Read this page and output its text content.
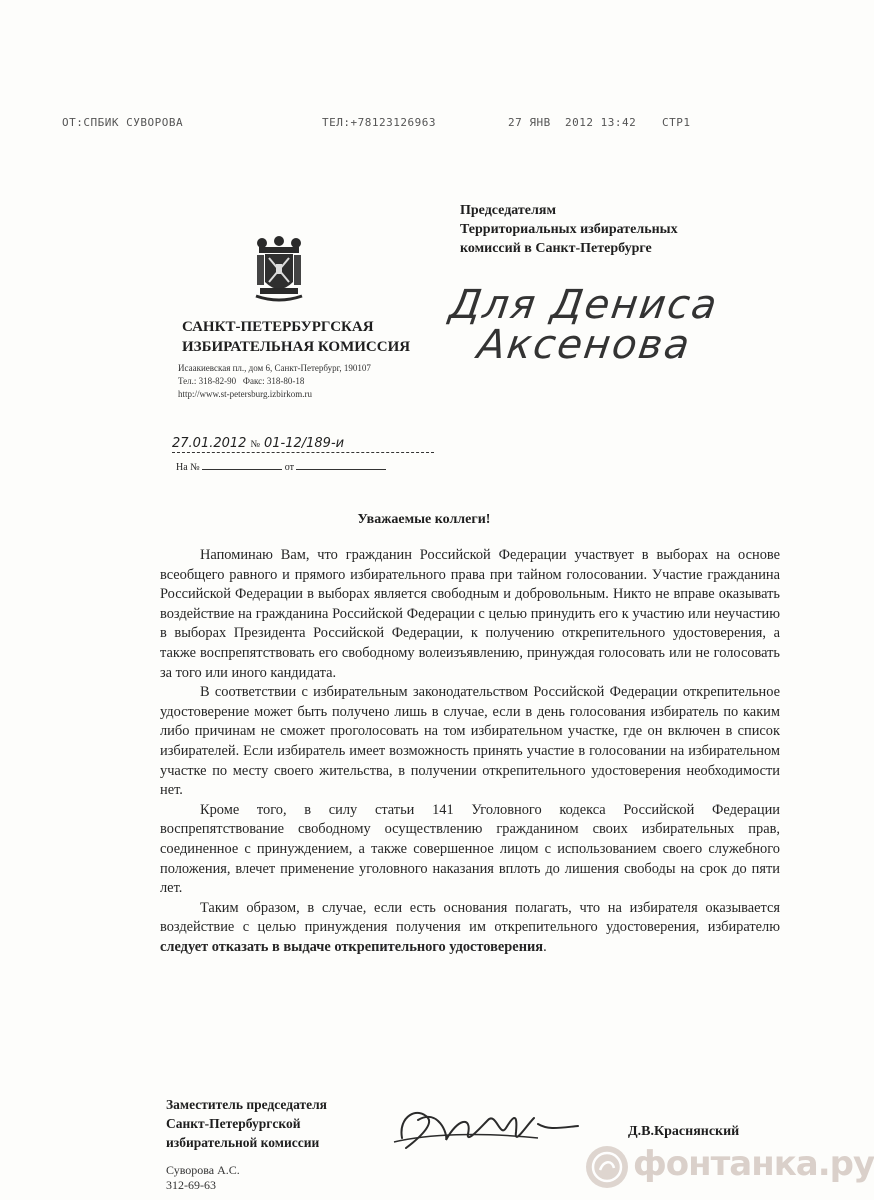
ОТ:СПБИК СУВОРОВА	ТЕЛ:+78123126963	27 ЯНВ  2012 13:42 СТР1
Председателям
Территориальных избирательных
комиссий в Санкт-Петербурге
Для Дениса
Аксенова
САНКТ-ПЕТЕРБУРГСКАЯ
ИЗБИРАТЕЛЬНАЯ КОМИССИЯ
Исаакиевская пл., дом 6, Санкт-Петербург, 190107
Тел.: 318-82-90   Факс: 318-80-18
http://www.st-petersburg.izbirkom.ru
27.01.2012 № 01-12/189-и
На №	от
Уважаемые коллеги!

Напоминаю Вам, что гражданин Российской Федерации участвует в выборах на основе всеобщего равного и прямого избирательного права при тайном голосовании. Участие гражданина Российской Федерации в выборах является свободным и добровольным. Никто не вправе оказывать воздействие на гражданина Российской Федерации с целью принудить его к участию или неучастию в выборах Президента Российской Федерации, к получению открепительного удостоверения, а также воспрепятствовать его свободному волеизъявлению, принуждая голосовать или не голосовать за того или иного кандидата.

В соответствии с избирательным законодательством Российской Федерации открепительное удостоверение может быть получено лишь в случае, если в день голосования избиратель по каким либо причинам не сможет проголосовать на том избирательном участке, где он включен в список избирателей. Если избиратель имеет возможность принять участие в голосовании на избирательном участке по месту своего жительства, в получении открепительного удостоверения необходимости нет.

Кроме того, в силу статьи 141 Уголовного кодекса Российской Федерации воспрепятствование свободному осуществлению гражданином своих избирательных прав, соединенное с принуждением, а также совершенное лицом с использованием своего служебного положения, влечет применение уголовного наказания вплоть до лишения свободы на срок до пяти лет.

Таким образом, в случае, если есть основания полагать, что на избирателя оказывается воздействие с целью принуждения получения им открепительного удостоверения, избирателю следует отказать в выдаче открепительного удостоверения.

Заместитель председателя
Санкт-Петербургской
избирательной комиссии
Д.В.Краснянский
Суворова А.С.
312-69-63
фонтанка.ру
